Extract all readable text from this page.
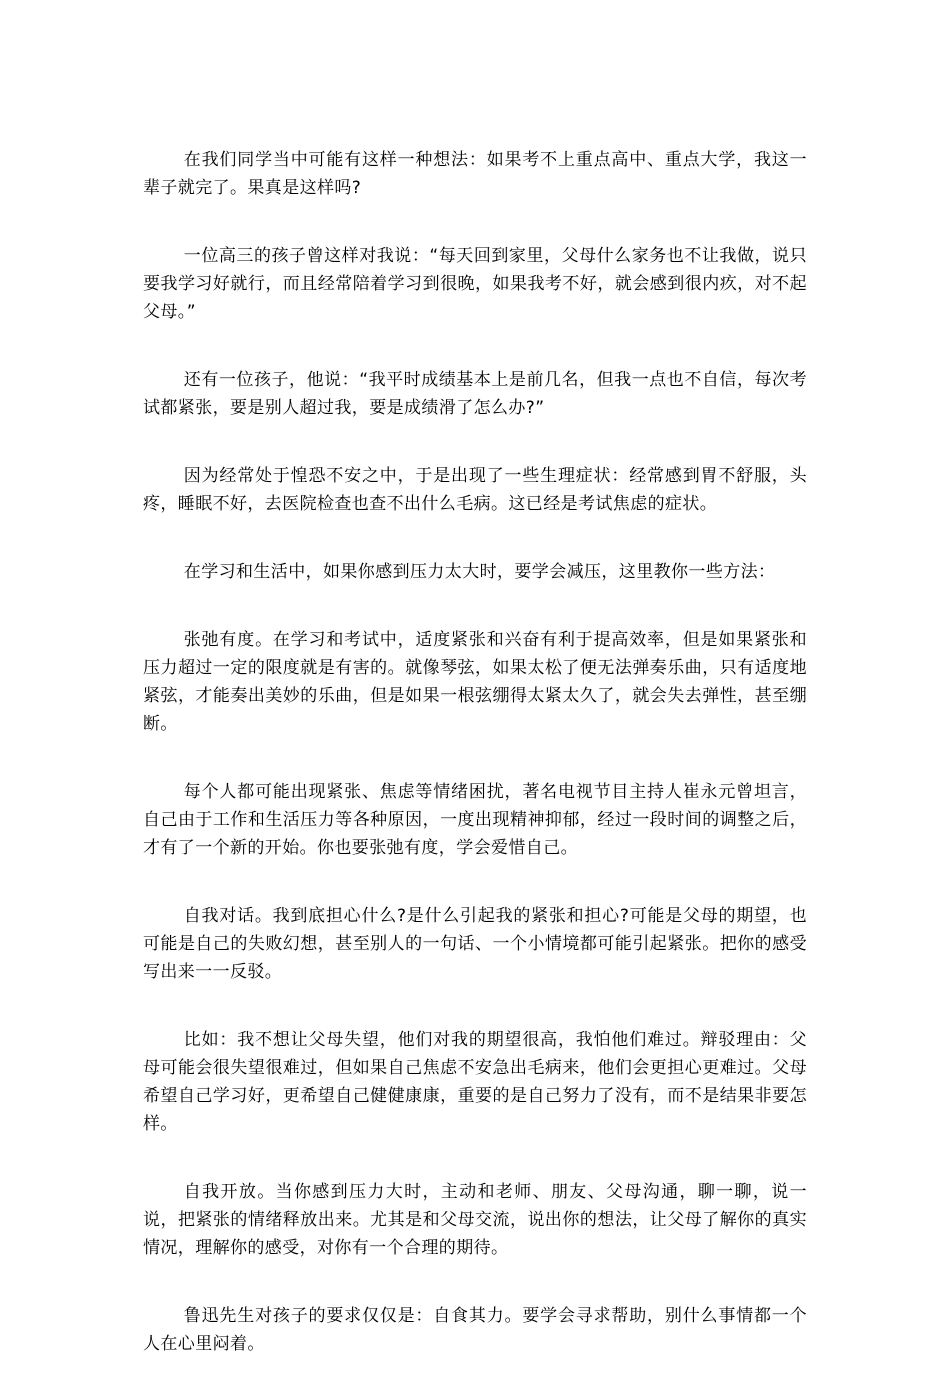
在我们同学当中可能有这样一种想法：如果考不上重点高中、重点大学，我这一辈子就完了。果真是这样吗?

一位高三的孩子曾这样对我说：“每天回到家里，父母什么家务也不让我做，说只要我学习好就行，而且经常陪着学习到很晚，如果我考不好，就会感到很内疚，对不起父母。”

还有一位孩子，他说：“我平时成绩基本上是前几名，但我一点也不自信，每次考试都紧张，要是别人超过我，要是成绩滑了怎么办?”

因为经常处于惶恐不安之中，于是出现了一些生理症状：经常感到胃不舒服，头疼，睡眠不好，去医院检查也查不出什么毛病。这已经是考试焦虑的症状。

在学习和生活中，如果你感到压力太大时，要学会减压，这里教你一些方法：

张弛有度。在学习和考试中，适度紧张和兴奋有利于提高效率，但是如果紧张和压力超过一定的限度就是有害的。就像琴弦，如果太松了便无法弹奏乐曲，只有适度地紧弦，才能奏出美妙的乐曲，但是如果一根弦绷得太紧太久了，就会失去弹性，甚至绷断。

每个人都可能出现紧张、焦虑等情绪困扰，著名电视节目主持人崔永元曾坦言，自己由于工作和生活压力等各种原因，一度出现精神抑郁，经过一段时间的调整之后，才有了一个新的开始。你也要张弛有度，学会爱惜自己。

自我对话。我到底担心什么?是什么引起我的紧张和担心?可能是父母的期望，也可能是自己的失败幻想，甚至别人的一句话、一个小情境都可能引起紧张。把你的感受写出来一一反驳。

比如：我不想让父母失望，他们对我的期望很高，我怕他们难过。辩驳理由：父母可能会很失望很难过，但如果自己焦虑不安急出毛病来，他们会更担心更难过。父母希望自己学习好，更希望自己健健康康，重要的是自己努力了没有，而不是结果非要怎样。

自我开放。当你感到压力大时，主动和老师、朋友、父母沟通，聊一聊，说一说，把紧张的情绪释放出来。尤其是和父母交流，说出你的想法，让父母了解你的真实情况，理解你的感受，对你有一个合理的期待。

鲁迅先生对孩子的要求仅仅是：自食其力。要学会寻求帮助，别什么事情都一个人在心里闷着。
